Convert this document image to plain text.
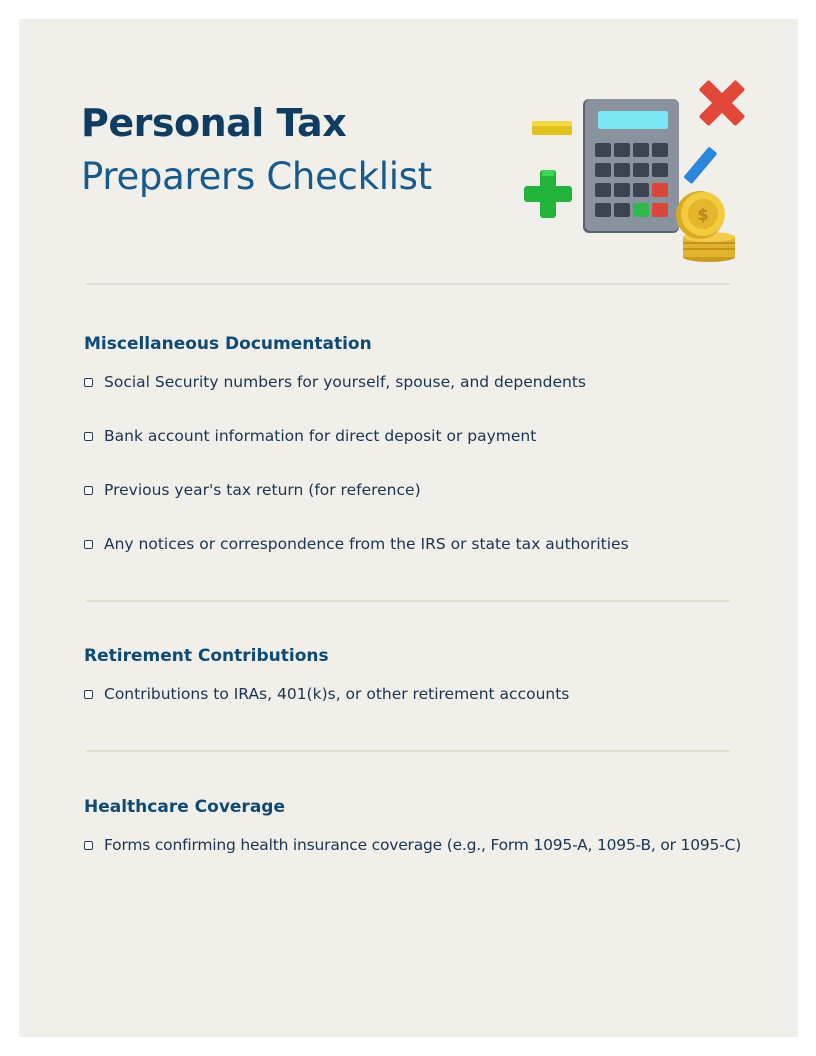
Personal Tax
Preparers Checklist
$
Miscellaneous Documentation
Social Security numbers for yourself, spouse, and dependents
Bank account information for direct deposit or payment
Previous year's tax return (for reference)
Any notices or correspondence from the IRS or state tax authorities
Retirement Contributions
Contributions to IRAs, 401(k)s, or other retirement accounts
Healthcare Coverage
Forms confirming health insurance coverage (e.g., Form 1095-A, 1095-B, or 1095-C)
